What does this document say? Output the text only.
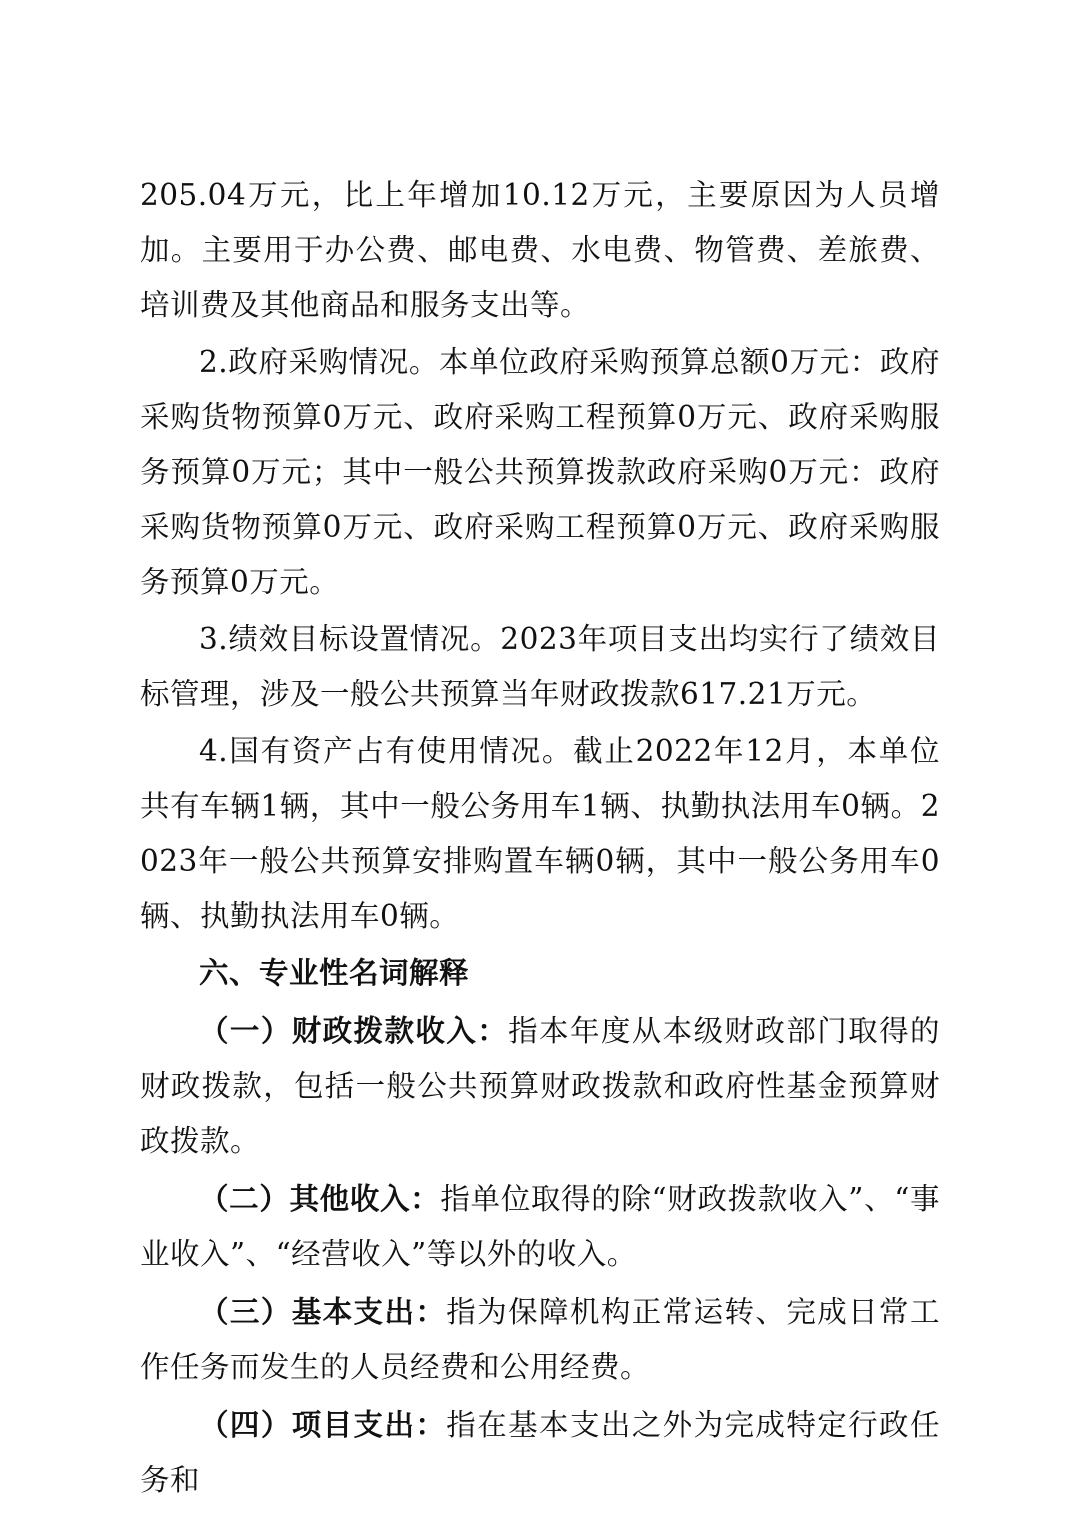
205.04万元，比上年增加10.12万元，主要原因为人员增加。主要用于办公费、邮电费、水电费、物管费、差旅费、培训费及其他商品和服务支出等。

2.政府采购情况。本单位政府采购预算总额0万元：政府采购货物预算0万元、政府采购工程预算0万元、政府采购服务预算0万元；其中一般公共预算拨款政府采购0万元：政府采购货物预算0万元、政府采购工程预算0万元、政府采购服务预算0万元。

3.绩效目标设置情况。2023年项目支出均实行了绩效目标管理，涉及一般公共预算当年财政拨款617.21万元。

4.国有资产占有使用情况。截止2022年12月，本单位共有车辆1辆，其中一般公务用车1辆、执勤执法用车0辆。2023年一般公共预算安排购置车辆0辆，其中一般公务用车0辆、执勤执法用车0辆。

六、专业性名词解释

（一）财政拨款收入：指本年度从本级财政部门取得的财政拨款，包括一般公共预算财政拨款和政府性基金预算财政拨款。

（二）其他收入：指单位取得的除“财政拨款收入”、“事业收入”、“经营收入”等以外的收入。

（三）基本支出：指为保障机构正常运转、完成日常工作任务而发生的人员经费和公用经费。

（四）项目支出：指在基本支出之外为完成特定行政任务和
